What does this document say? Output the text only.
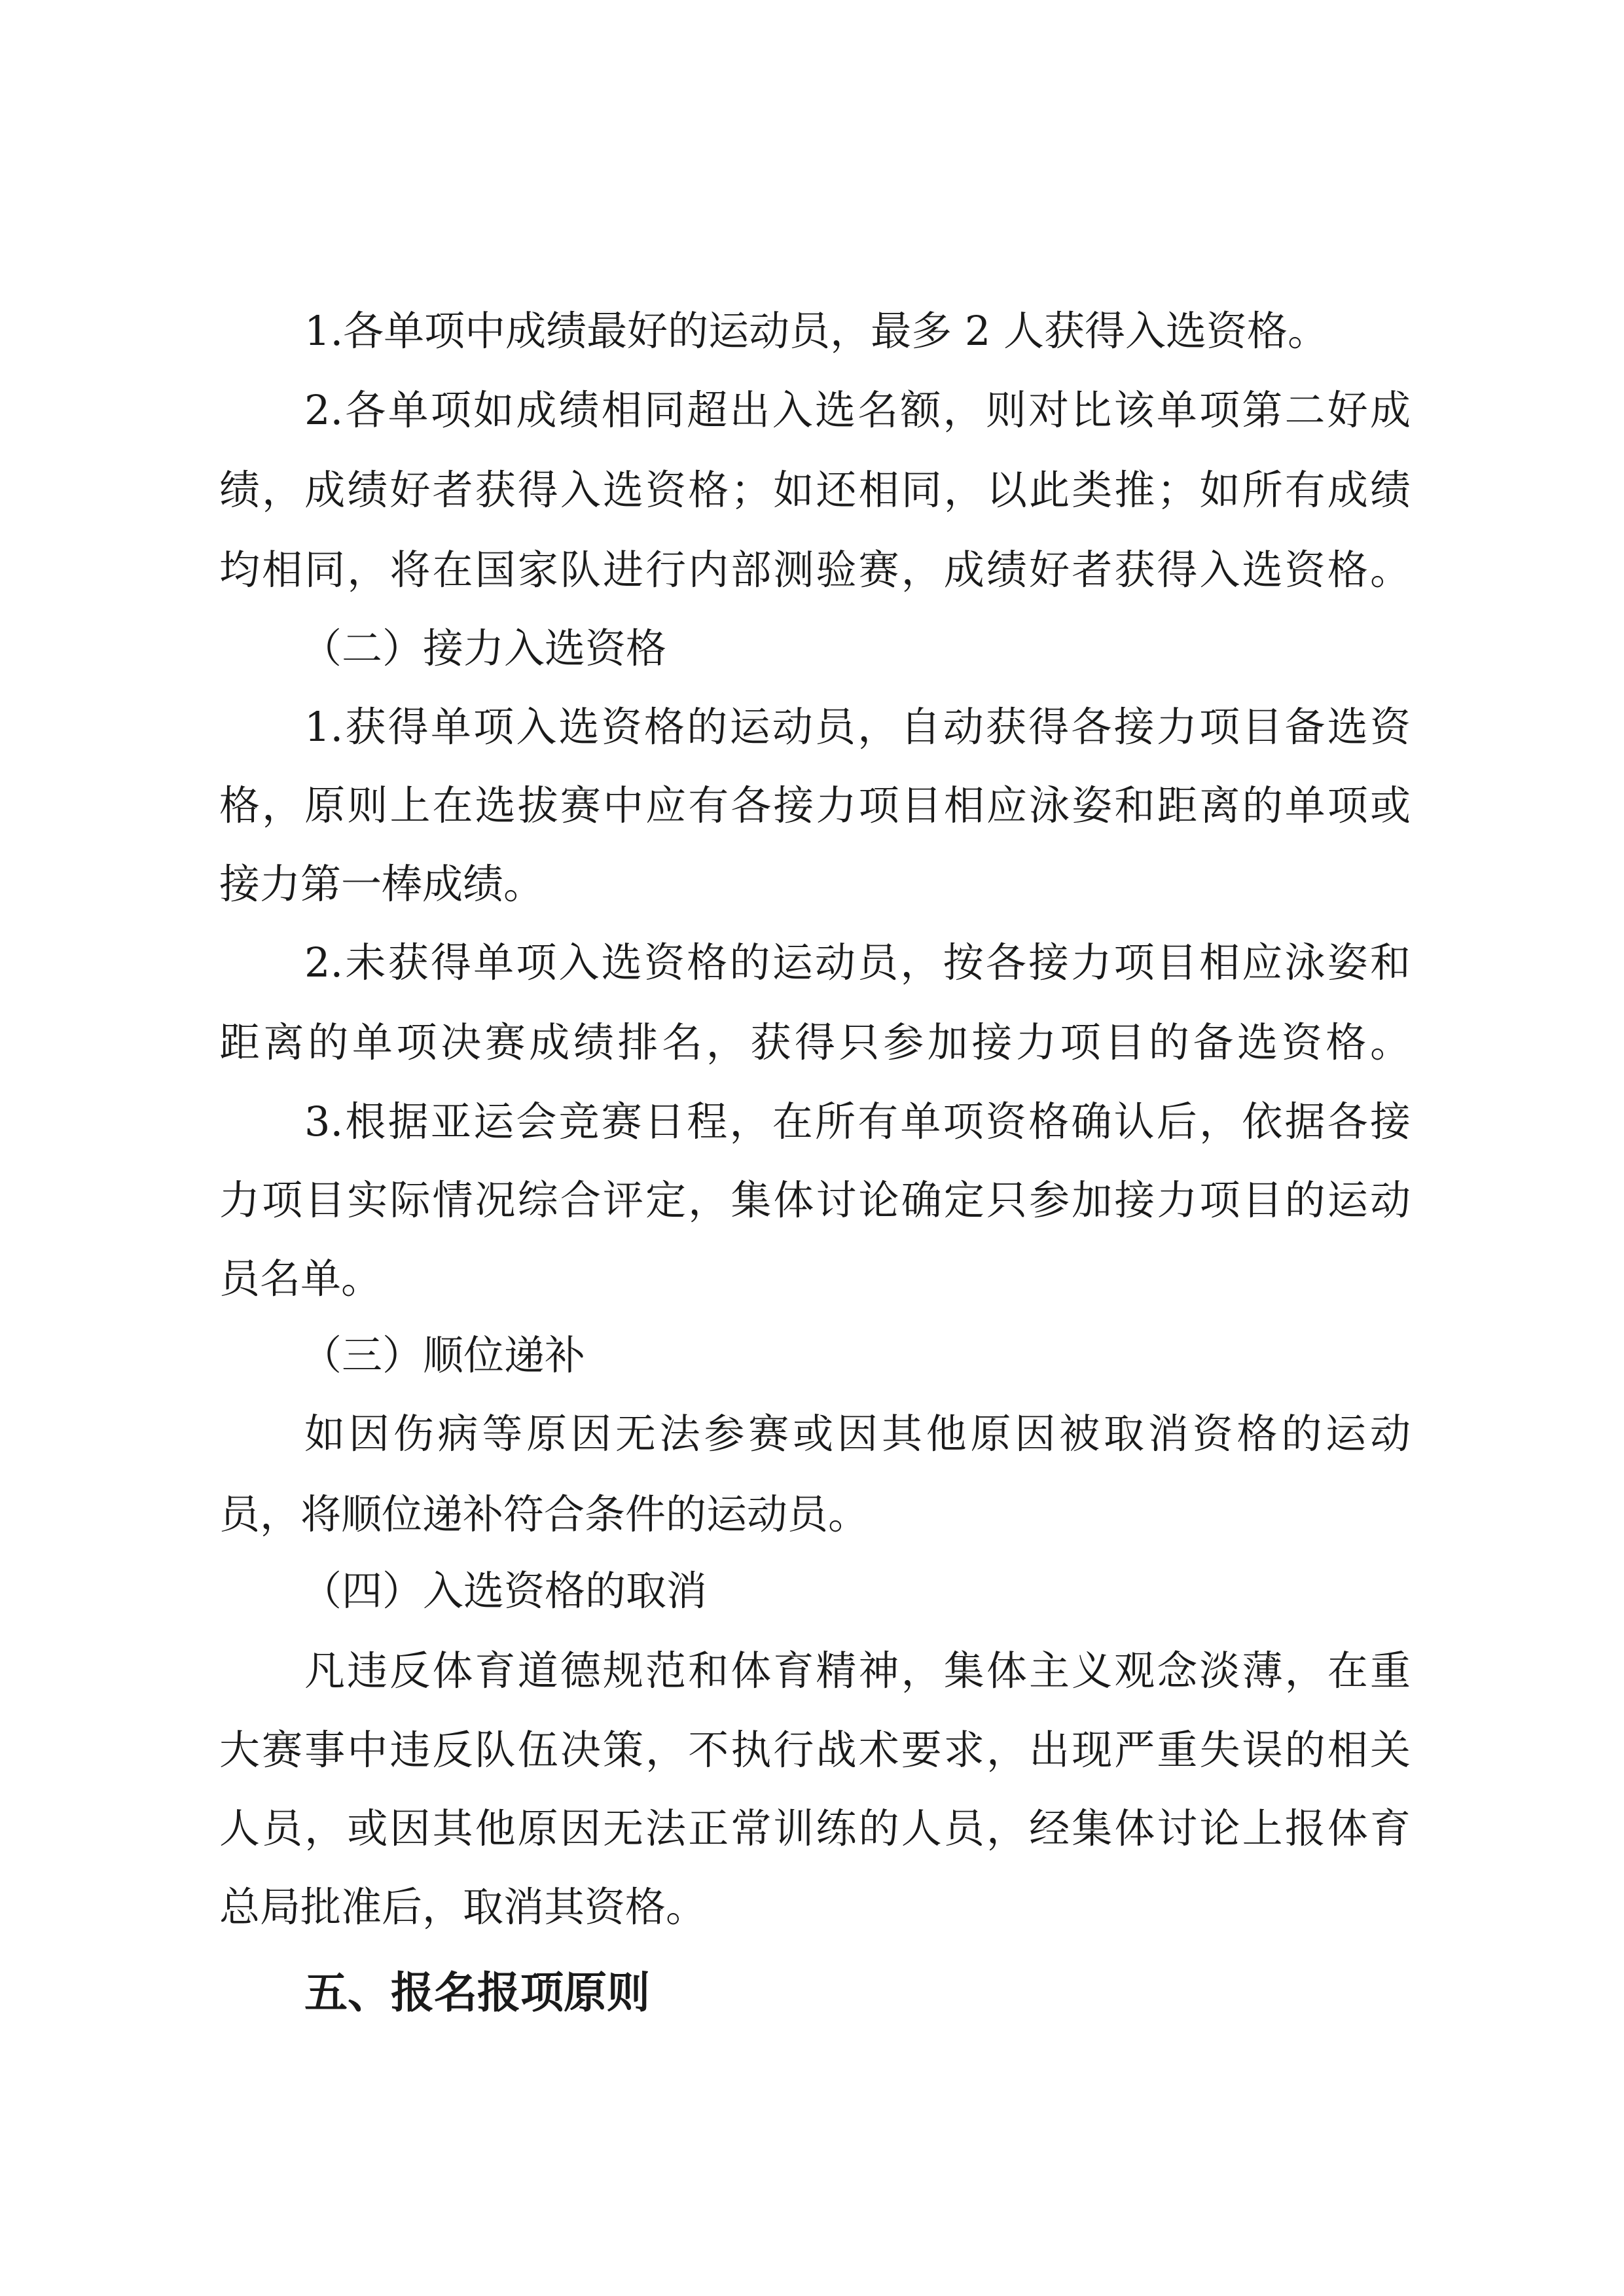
1.各单项中成绩最好的运动员，最多 2 人获得入选资格。

2.各单项如成绩相同超出入选名额，则对比该单项第二好成

绩，成绩好者获得入选资格；如还相同，以此类推；如所有成绩

均相同，将在国家队进行内部测验赛，成绩好者获得入选资格。

（二）接力入选资格

1.获得单项入选资格的运动员，自动获得各接力项目备选资

格，原则上在选拔赛中应有各接力项目相应泳姿和距离的单项或

接力第一棒成绩。

2.未获得单项入选资格的运动员，按各接力项目相应泳姿和

距离的单项决赛成绩排名，获得只参加接力项目的备选资格。

3.根据亚运会竞赛日程，在所有单项资格确认后，依据各接

力项目实际情况综合评定，集体讨论确定只参加接力项目的运动

员名单。

（三）顺位递补

如因伤病等原因无法参赛或因其他原因被取消资格的运动

员，将顺位递补符合条件的运动员。

（四）入选资格的取消

凡违反体育道德规范和体育精神，集体主义观念淡薄，在重

大赛事中违反队伍决策，不执行战术要求，出现严重失误的相关

人员，或因其他原因无法正常训练的人员，经集体讨论上报体育

总局批准后，取消其资格。

五、报名报项原则
